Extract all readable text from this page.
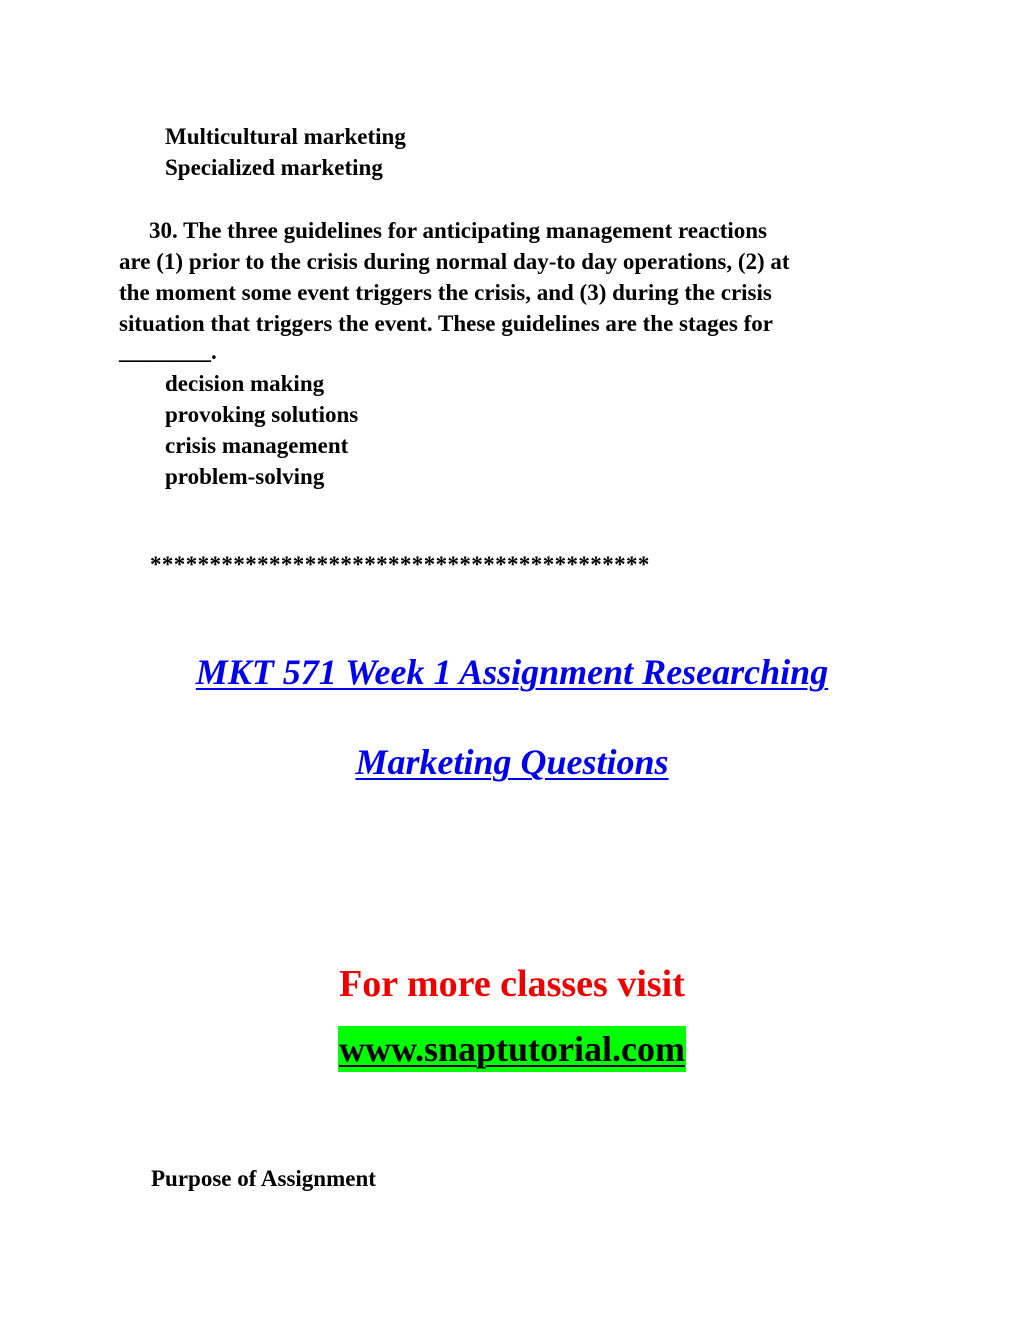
Multicultural marketing
Specialized marketing
30. The three guidelines for anticipating management reactions
are (1) prior to the crisis during normal day-to day operations, (2) at
the moment some event triggers the crisis, and (3) during the crisis
situation that triggers the event. These guidelines are the stages for
________.
decision making
provoking solutions
crisis management
problem-solving
******************************************
MKT 571 Week 1 Assignment Researching
Marketing Questions
For more classes visit
www.snaptutorial.com
Purpose of Assignment
